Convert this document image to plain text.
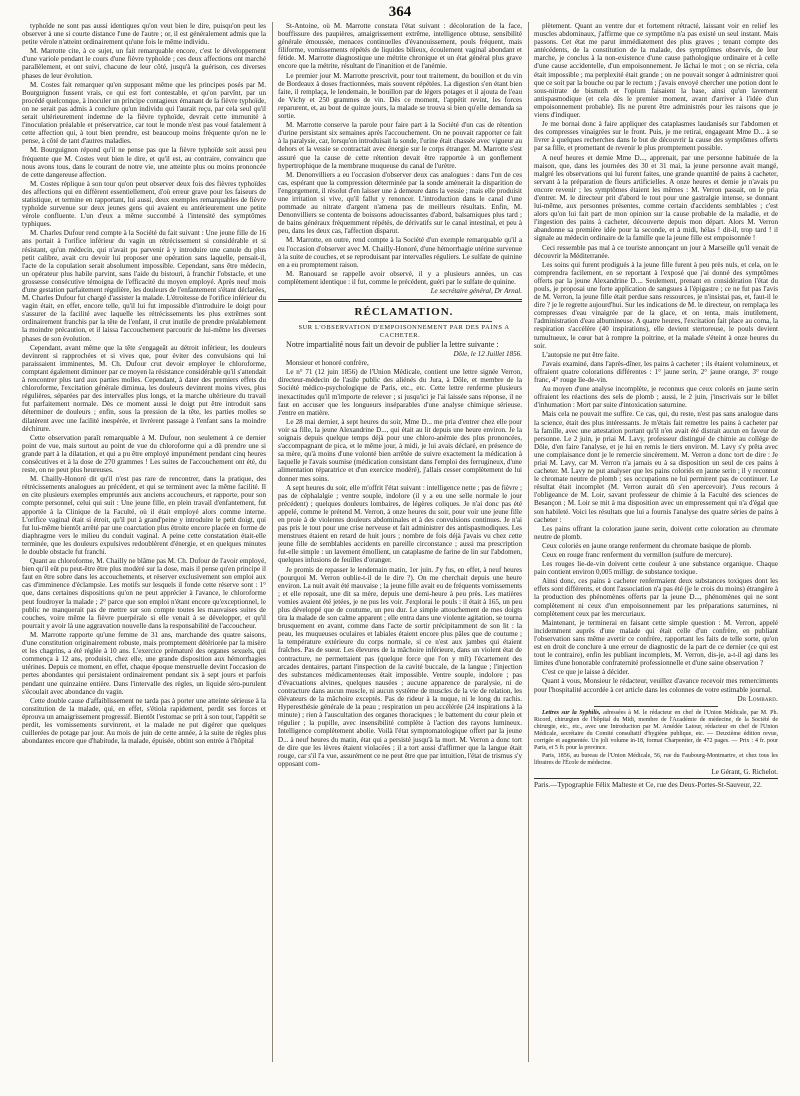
364

typhoïde ne sont pas aussi identiques qu'on veut bien le dire, puisqu'on peut les observer à une si courte distance l'une de l'autre ; or, il est généralement admis que la petite vérole n'atteint ordinairement qu'une fois le même individu.

M. Marrotte cite, à ce sujet, un fait remarquable encore, c'est le développement d'une variole pendant le cours d'une fièvre typhoïde ; ces deux affections ont marché parallèlement, et ont suivi, chacune de leur côté, jusqu'à la guérison, ces diverses phases de leur évolution.

M. Costes fait remarquer qu'en supposant même que les principes posés par M. Bourguignon fussent vrais, ce qui est fort contestable, et qu'on parvînt, par un procédé quelconque, à inoculer un principe contagieux émanant de la fièvre typhoïde, on ne serait pas admis à conclure qu'un individu qui l'aurait reçu, par cela seul qu'il serait ultérieurement indemne de la fièvre typhoïde, devrait cette immunité à l'inoculation préalable et préservatrice, car tout le monde n'est pas voué fatalement à cette affection qui, à tout bien prendre, est beaucoup moins fréquente qu'on ne le pense, à côté de tant d'autres maladies.

M. Bourguignon répond qu'il ne pense pas que la fièvre typhoïde soit aussi peu fréquente que M. Costes veut bien le dire, et qu'il est, au contraire, convaincu que nous avons tous, dans le courant de notre vie, une atteinte plus ou moins prononcée de cette dangereuse affection.

M. Costes réplique à son tour qu'on peut observer deux fois des fièvres typhoïdes des affections qui en diffèrent essentiellement, d'où erreur grave pour les faiseurs de statistique, et termine en rapportant, lui aussi, deux exemples remarquables de fièvre typhoïde survenue sur deux jeunes gens qui avaient eu antérieurement une petite vérole confluente. L'un d'eux a même succombé à l'intensité des symptômes typhiques.

M. Charles Dufour rend compte à la Société du fait suivant : Une jeune fille de 16 ans portait à l'orifice inférieur du vagin un rétrécissement si considérable et si résistant, qu'un médecin, qui n'avait pu parvenir à y introduire une canule du plus petit calibre, avait cru devoir lui proposer une opération sans laquelle, pensait-il, l'acte de la copulation serait absolument impossible. Cependant, sans être médecin, un opérateur plus habile parvint, sans l'aide du bistouri, à franchir l'obstacle, et une grossesse consécutive témoigna de l'efficacité du moyen employé. Après neuf mois d'une gestation parfaitement régulière, les douleurs de l'enfantement s'étant déclarées, M. Charles Dufour fut chargé d'assister la malade. L'étroitesse de l'orifice inférieur du vagin était, en effet, encore telle, qu'il lui fut impossible d'introduire le doigt pour s'assurer de la facilité avec laquelle les rétrécissements les plus extrêmes sont ordinairement franchis par la tête de l'enfant, il crut inutile de prendre préalablement la moindre précaution, et il laissa l'accouchement parcourir de lui-même les diverses phases de son évolution.

Cependant, avant même que la tête s'engageât au détroit inférieur, les douleurs devinrent si rapprochées et si vives que, pour éviter des convulsions qui lui paraissaient imminentes, M. Ch. Dufour crut devoir employer le chloroforme, comptant également diminuer par ce moyen la résistance considérable qu'il s'attendait à rencontrer plus tard aux parties molles. Cependant, à dater des premiers effets du chloroforme, l'excitation générale diminua, les douleurs devinrent moins vives, plus régulières, séparées par des intervalles plus longs, et la marche ultérieure du travail fut parfaitement normale. Dès ce moment aussi le doigt put être introduit sans déterminer de douleurs ; enfin, sous la pression de la tête, les parties molles se dilatèrent avec une facilité inespérée, et livrèrent passage à l'enfant sans la moindre déchirure.

Cette observation paraît remarquable à M. Dufour, non seulement à ce dernier point de vue, mais surtout au point de vue du chloroforme qui a dû prendre une si grande part à la dilatation, et qui a pu être employé impunément pendant cinq heures consécutives et à la dose de 270 grammes ! Les suites de l'accouchement ont été, du reste, on ne peut plus heureuses.

M. Chailly-Honoré dit qu'il n'est pas rare de rencontrer, dans la pratique, des rétrécissements analogues au précédent, et qui se terminent avec la même facilité. Il en cite plusieurs exemples empruntés aux anciens accoucheurs, et rapporte, pour son compte personnel, celui qui suit : Une jeune fille, en plein travail d'enfantement, fut apportée à la Clinique de la Faculté, où il était employé alors comme interne. L'orifice vaginal était si étroit, qu'il put à grand'peine y introduire le petit doigt, qui fut lui-même bientôt arrêté par une coarctation plus étroite encore placée en forme de diaphragme vers le milieu du conduit vaginal. A peine cette constatation était-elle terminée, que les douleurs expulsives redoublèrent d'énergie, et en quelques minutes le double obstacle fut franchi.

Quant au chloroforme, M. Chailly ne blâme pas M. Ch. Dufour de l'avoir employé, bien qu'il eût pu peut-être être plus modéré sur la dose, mais il pense qu'en principe il faut en être sobre dans les accouchements, et réserver exclusivement son emploi aux cas d'imminence d'éclampsie. Les motifs sur lesquels il fonde cette réserve sont : 1° que, dans certaines dispositions qu'on ne peut apprécier à l'avance, le chloroforme peut foudroyer la malade ; 2° parce que son emploi n'étant encore qu'exceptionnel, le public ne manquerait pas de mettre sur son compte toutes les mauvaises suites de couches, voire même la fièvre puerpérale si elle venait à se développer, et qu'il pourrait y avoir là une aggravation nouvelle dans la responsabilité de l'accoucheur.

M. Marrotte rapporte qu'une femme de 31 ans, marchande des quatre saisons, d'une constitution originairement robuste, mais promptement détériorée par la misère et les chagrins, a été réglée à 10 ans. L'exercice prématuré des organes sexuels, qui commença à 12 ans, produisit, chez elle, une grande disposition aux hémorrhagies utérines. Depuis ce moment, en effet, chaque époque menstruelle devint l'occasion de pertes abondantes qui persistaient ordinairement pendant six à sept jours et parfois pendant une quinzaine entière. Dans l'intervalle des règles, un liquide séro-purulent s'écoulait avec abondance du vagin.

Cette double cause d'affaiblissement ne tarda pas à porter une atteinte sérieuse à la constitution de la malade, qui, en effet, s'étiola rapidement, perdit ses forces et éprouva un amaigrissement progressif. Bientôt l'estomac se prit à son tour, l'appétit se perdit, les vomissements survinrent, et la malade ne put digérer que quelques cuillerées de potage par jour. Au mois de juin de cette année, à la suite de règles plus abondantes encore que d'habitude, la malade, épuisée, obtint son entrée à l'hôpital

St-Antoine, où M. Marrotte constata l'état suivant : décoloration de la face, bouffissure des paupières, amaigrissement extrême, intelligence obtuse, sensibilité générale émoussée, menaces continuelles d'évanouissement, pouls fréquent, mais filiforme, vomissements répétés de liquides bilieux, écoulement vaginal abondant et fétide. M. Marrotte diagnostique une métrite chronique et un état général plus grave encore que la métrite, résultant de l'inanition et de l'anémie.

Le premier jour M. Marrotte prescrivit, pour tout traitement, du bouillon et du vin de Bordeaux à doses fractionnées, mais souvent répétées. La digestion s'en étant bien faite, il remplaça, le lendemain, le bouillon par de légers potages et il ajouta de l'eau de Vichy et 250 grammes de vin. Dès ce moment, l'appétit revint, les forces reparurent, et, au bout de quinze jours, la malade se trouva si bien qu'elle demanda sa sortie.

M. Marrotte conserve la parole pour faire part à la Société d'un cas de rétention d'urine persistant six semaines après l'accouchement. On ne pouvait rapporter ce fait à la paralysie, car, lorsqu'on introduisait la sonde, l'urine était chassée avec vigueur au dehors et la vessie se contractait avec énergie sur le corps étranger. M. Marrotte s'est assuré que la cause de cette rétention devait être rapportée à un gonflement hypertrophique de la membrane muqueuse du canal de l'urètre.

M. Denonvilliers a eu l'occasion d'observer deux cas analogues : dans l'un de ces cas, espérant que la compression déterminée par la sonde amènerait la disparition de l'engorgement, il résolut d'en laisser une à demeure dans la vessie ; mais elle produisit une irritation si vive, qu'il fallut y renoncer. L'introduction dans le canal d'une pommade au nitrate d'argent n'amena pas de meilleurs résultats. Enfin, M. Denonvilliers se contenta de boissons adoucissantes d'abord, balsamiques plus tard ; de bains généraux fréquemment répétés, de dérivatifs sur le canal intestinal, et peu à peu, dans les deux cas, l'affection disparut.

M. Marrotte, en outre, rend compte à la Société d'un exemple remarquable qu'il a eu l'occasion d'observer avec M. Chailly-Honoré, d'une hémorrhagie utérine survenue à la suite de couches, et se reproduisant par intervalles réguliers. Le sulfate de quinine en a eu promptement raison.

M. Ranouard se rappelle avoir observé, il y a plusieurs années, un cas complètement identique : il fut, comme le précédent, guéri par le sulfate de quinine.

Le secrétaire général, Dr Arnal.

RÉCLAMATION.

SUR L'OBSERVATION D'EMPOISONNEMENT PAR DES PAINS A CACHETER.

Notre impartialité nous fait un devoir de publier la lettre suivante :

Dôle, le 12 Juillet 1856.

Monsieur et honoré confrère,

Le n° 71 (12 juin 1856) de l'Union Médicale, contient une lettre signée Verron, directeur-médecin de l'asile public des aliénés du Jura, à Dôle, et membre de la Société médico-psychologique de Paris, etc., etc. Cette lettre renferme plusieurs inexactitudes qu'il m'importe de relever ; si jusqu'ici je l'ai laissée sans réponse, il ne faut en accuser que les longueurs inséparables d'une analyse chimique sérieuse. J'entre en matière.

Le 28 mai dernier, à sept heures du soir, Mme D... me pria d'entrer chez elle pour voir sa fille, la jeune Alexandrine D..., qui était au lit depuis une heure environ. Je la soignais depuis quelque temps déjà pour une chloro-anémie des plus prononcées, s'accompagnant de pica, et le même jour, à midi, je lui avais déclaré, en présence de sa mère, qu'à moins d'une volonté bien arrêtée de suivre exactement la médication à laquelle je l'avais soumise (médication consistant dans l'emploi des ferrugineux, d'une alimentation réparatrice et d'un exercice modéré), j'allais cesser complètement de lui donner mes soins.

A sept heures du soir, elle m'offrit l'état suivant : intelligence nette ; pas de fièvre ; pas de céphalalgie ; ventre souple, indolore (il y a eu une selle normale le jour précédent) ; quelques douleurs lombaires, de légères coliques. Je n'ai donc pas été appelé, comme le prétend M. Verron, à onze heures du soir, pour voir une jeune fille en proie à de violentes douleurs abdominales et à des convulsions continues. Je n'ai pas pris le tout pour une crise nerveuse et fait administrer des antispasmodiques. Les menstrues étaient en retard de huit jours ; nombre de fois déjà j'avais vu chez cette jeune fille de semblables accidents en pareille circonstance ; aussi ma prescription fut-elle simple : un lavement émollient, un cataplasme de farine de lin sur l'abdomen, quelques infusions de feuilles d'oranger.

Je promis de repasser le lendemain matin, 1er juin. J'y fus, en effet, à neuf heures (pourquoi M. Verron oublie-t-il de le dire ?). On me cherchait depuis une heure environ. La nuit avait été mauvaise ; la jeune fille avait eu de fréquents vomissements ; et elle reposait, une dit sa mère, depuis une demi-heure à peu près. Les matières vomies avaient été jetées, je ne pus les voir. J'explorai le pouls : il était à 165, un peu plus développé que de coutume, un peu dur. Le simple attouchement de mes doigts tira la malade de son calme apparent ; elle entra dans une violente agitation, se tourna brusquement en avant, comme dans l'acte de sortir précipitamment de son lit : la peau, les muqueuses oculaires et labiales étaient encore plus pâles que de coutume ; la température extérieure du corps normale, si ce n'est aux jambes qui étaient fraîches. Pas de sueur. Les élevures de la mâchoire inférieure, dans un violent état de contracture, ne permettaient pas (quelque force que l'on y mît) l'écartement des arcades dentaires, partant l'inspection de la cavité buccale, de la langue ; l'injection des substances médicamenteuses était impossible. Ventre souple, indolore ; pas d'évacuations alvines, quelques nausées ; aucune apparence de paralysie, ni de contracture dans aucun muscle, ni aucun système de muscles de la vie de relation, les élévateurs de la mâchoire exceptés. Pas de rideur à la nuque, ni le long du rachis. Hyperesthésie générale de la peau ; respiration un peu accélérée (24 inspirations à la minute) ; rien à l'auscultation des organes thoraciques ; le battement du cœur plein et régulier ; la pupille, avec insensibilité complète à l'action des rayons lumineux. Intelligence complètement abolie. Voilà l'état symptomatologique offert par la jeune D... à neuf heures du matin, état qui a persisté jusqu'à la mort. M. Verron a donc tort de dire que les lèvres étaient violacées ; il a tort aussi d'affirmer que la langue était rouge, car s'il l'a vue, assurément ce ne peut être que par intuition, l'état de trismus s'y opposant com-

plètement. Quant au ventre dur et fortement rétracté, laissant voir en relief les muscles abdominaux, j'affirme que ce symptôme n'a pas existé un seul instant. Mais passons. Cet état me parut immédiatement des plus graves ; tenant compte des antécédents, de la constitution de la malade, des symptômes observés, de leur marche, je conclus à la non-existence d'une cause pathologique ordinaire et à celle d'une cause accidentelle, d'un empoisonnement. Je lâchai le mot ; on se récria, cela était impossible ; ma perplexité était grande ; on ne pouvait songer à administrer quoi que ce soit par la bouche ou par le rectum ; j'avais envoyé chercher une potion dont le sous-nitrate de bismuth et l'opium faisaient la base, ainsi qu'un lavement antispasmodique (et cela dès le premier moment, avant d'arriver à l'idée d'un empoisonnement probable). Ils ne purent être administrés pour les raisons que je viens d'indiquer.

Je me bornai donc à faire appliquer des cataplasmes laudanisés sur l'abdomen et des compresses vinaigrées sur le front. Puis, je me retirai, engageant Mme D... à se livrer à quelques recherches dans le but de découvrir la cause des symptômes offerts par sa fille, et promettant de revenir le plus promptement possible.

A neuf heures et demie Mme D..., apprenait, par une personne habituée de la maison, que, dans les journées des 30 et 31 mai, la jeune personne avait mangé, malgré les observations qui lui furent faites, une grande quantité de pains à cacheter, servant à la préparation de fleurs artificielles. A onze heures et demie je n'avais pu encore revenir ; les symptômes étaient les mêmes : M. Verron passait, on le pria d'entrer. M. le directeur prit d'abord le tout pour une gastralgie intense, se donnant lui-même, aux personnes présentes, comme certain d'accidents semblables ; c'est alors qu'on lui fait part de mon opinion sur la cause probable de la maladie, et de l'ingestion des pains à cacheter, découverte depuis mon départ. Alors M. Verron abandonne sa première idée pour la seconde, et à midi, hélas ! dit-il, trop tard ! il signale au médecin ordinaire de la famille que la jeune fille est empoisonnée !

Ceci ressemble pas mal à ce touriste annonçant un jour à Marseille qu'il venait de découvrir la Méditerranée.

Les soins qui furent prodigués à la jeune fille furent à peu près nuls, et cela, on le comprendra facilement, en se reportant à l'exposé que j'ai donné des symptômes offerts par la jeune Alexandrine D.... Seulement, prenant en considération l'état du pouls, je proposai une forte application de sangsues à l'épigastre ; ce ne fut pas l'avis de M. Verron, la jeune fille était perdue sans ressources, je n'insistai pas, et, faut-il le dire ? je le regrette aujourd'hui. Sur les indications de M. le directeur, on remplaça les compresses d'eau vinaigrée par de la glace, et on tenta, mais inutilement, l'administration d'eau albumineuse. A quatre heures, l'excitation fait place au coma, la respiration s'accélère (40 inspirations), elle devient stertoreuse, le pouls devient tumultueux, le cœur bat à rompre la poitrine, et la malade s'éteint à onze heures du soir.

L'autopsie ne put être faite.

J'avais examiné, dans l'après-dîner, les pains à cacheter ; ils étaient volumineux, et offraient quatre colorations différentes : 1° jaune serin, 2° jaune orange, 3° rouge franc, 4° rouge lie-de-vin.

Au moyen d'une analyse incomplète, je reconnus que ceux colorés en jaune serin offraient les réactions des sels de plomb ; aussi, le 2 juin, j'inscrivais sur le billet d'inhumation : Mort par suite d'intoxication saturnine.

Mais cela ne pouvait me suffire. Ce cas, qui, du reste, n'est pas sans analogue dans la science, était des plus intéressants. Je m'étais fait remettre les pains à cacheter par la famille, avec une attestation portant qu'il n'en avait été distrait aucun en faveur de personne. Le 2 juin, je priai M. Lavy, professeur distingué de chimie au collège de Dôle, d'en faire l'analyse, et je lui en remis le tiers environ. M. Lavy s'y prêta avec une complaisance dont je le remercie sincèrement. M. Verron a donc tort de dire : Je priai M. Lavy, car M. Verron n'a jamais eu à sa disposition un seul de ces pains à cacheter. M. Lavy ne put analyser que les pains coloriés en jaune serin ; il y reconnut le chromate neutre de plomb ; ses occupations ne lui permirent pas de continuer. Le résultat était incomplet (M. Verron aurait dû s'en apercevoir). J'eus recours à l'obligeance de M. Loir, savant professeur de chimie à la Faculté des sciences de Besançon ; M. Loir se mit à ma disposition avec un empressement qui n'a d'égal que son habileté. Voici les résultats que lui a fournis l'analyse des quatre séries de pains à cacheter :

Les pains offrant la coloration jaune serin, doivent cette coloration au chromate neutre de plomb.

Ceux coloriés en jaune orange renferment du chromate basique de plomb.

Ceux en rouge franc renferment du vermillon (sulfure de mercure).

Les rouges lie-de-vin doivent cette couleur à une substance organique. Chaque pain contient environ 0,005 milligr. de substance toxique.

Ainsi donc, ces pains à cacheter renfermaient deux substances toxiques dont les effets sont différents, et dont l'association n'a pas été (je le crois du moins) étrangère à la production des phénomènes offerts par la jeune D..., phénomènes qui ne sont complètement ni ceux d'un empoisonnement par les préparations saturnines, ni complètement ceux par les mercuriaux.

Maintenant, je terminerai en faisant cette simple question : M. Verron, appelé incidemment auprès d'une malade qui était celle d'un confrère, en publiant l'observation sans même avertir ce confrère, rapportant les faits de telle sorte, qu'on est en droit de conclure à une erreur de diagnostic de la part de ce dernier (ce qui est tout le contraire), enfin les publiant incomplets, M. Verron, dis-je, a-t-il agi dans les limites d'une honorable confraternité professionnelle et d'une saine observation ?

C'est ce que je laisse à décider.

Quant à vous, Monsieur le rédacteur, veuillez d'avance recevoir mes remerciments pour l'hospitalité accordée à cet article dans les colonnes de votre estimable journal.

Dr Lombard.

Lettres sur la Syphilis, adressées à M. le rédacteur en chef de l'Union Médicale, par M. Ph. Ricord, chirurgien de l'hôpital du Midi, membre de l'Académie de médecine, de la Société de chirurgie, etc., etc., avec une Introduction par M. Amédée Latour, rédacteur en chef de l'Union Médicale, secrétaire du Comité consultatif d'hygiène publique, etc. — Deuxième édition revue, corrigée et augmentée. Un joli volume in-18, format Charpentier, de 472 pages. — Prix : 4 fr. pour Paris, et 5 fr. pour la province.

Paris, 1856, au bureau de l'Union Médicale, 56, rue du Faubourg-Montmartre, et chez tous les libraires de l'École de médecine.

Le Gérant, G. Richelot.

Paris.—Typographie Félix Malteste et Ce, rue des Deux-Portes-St-Sauveur, 22.
